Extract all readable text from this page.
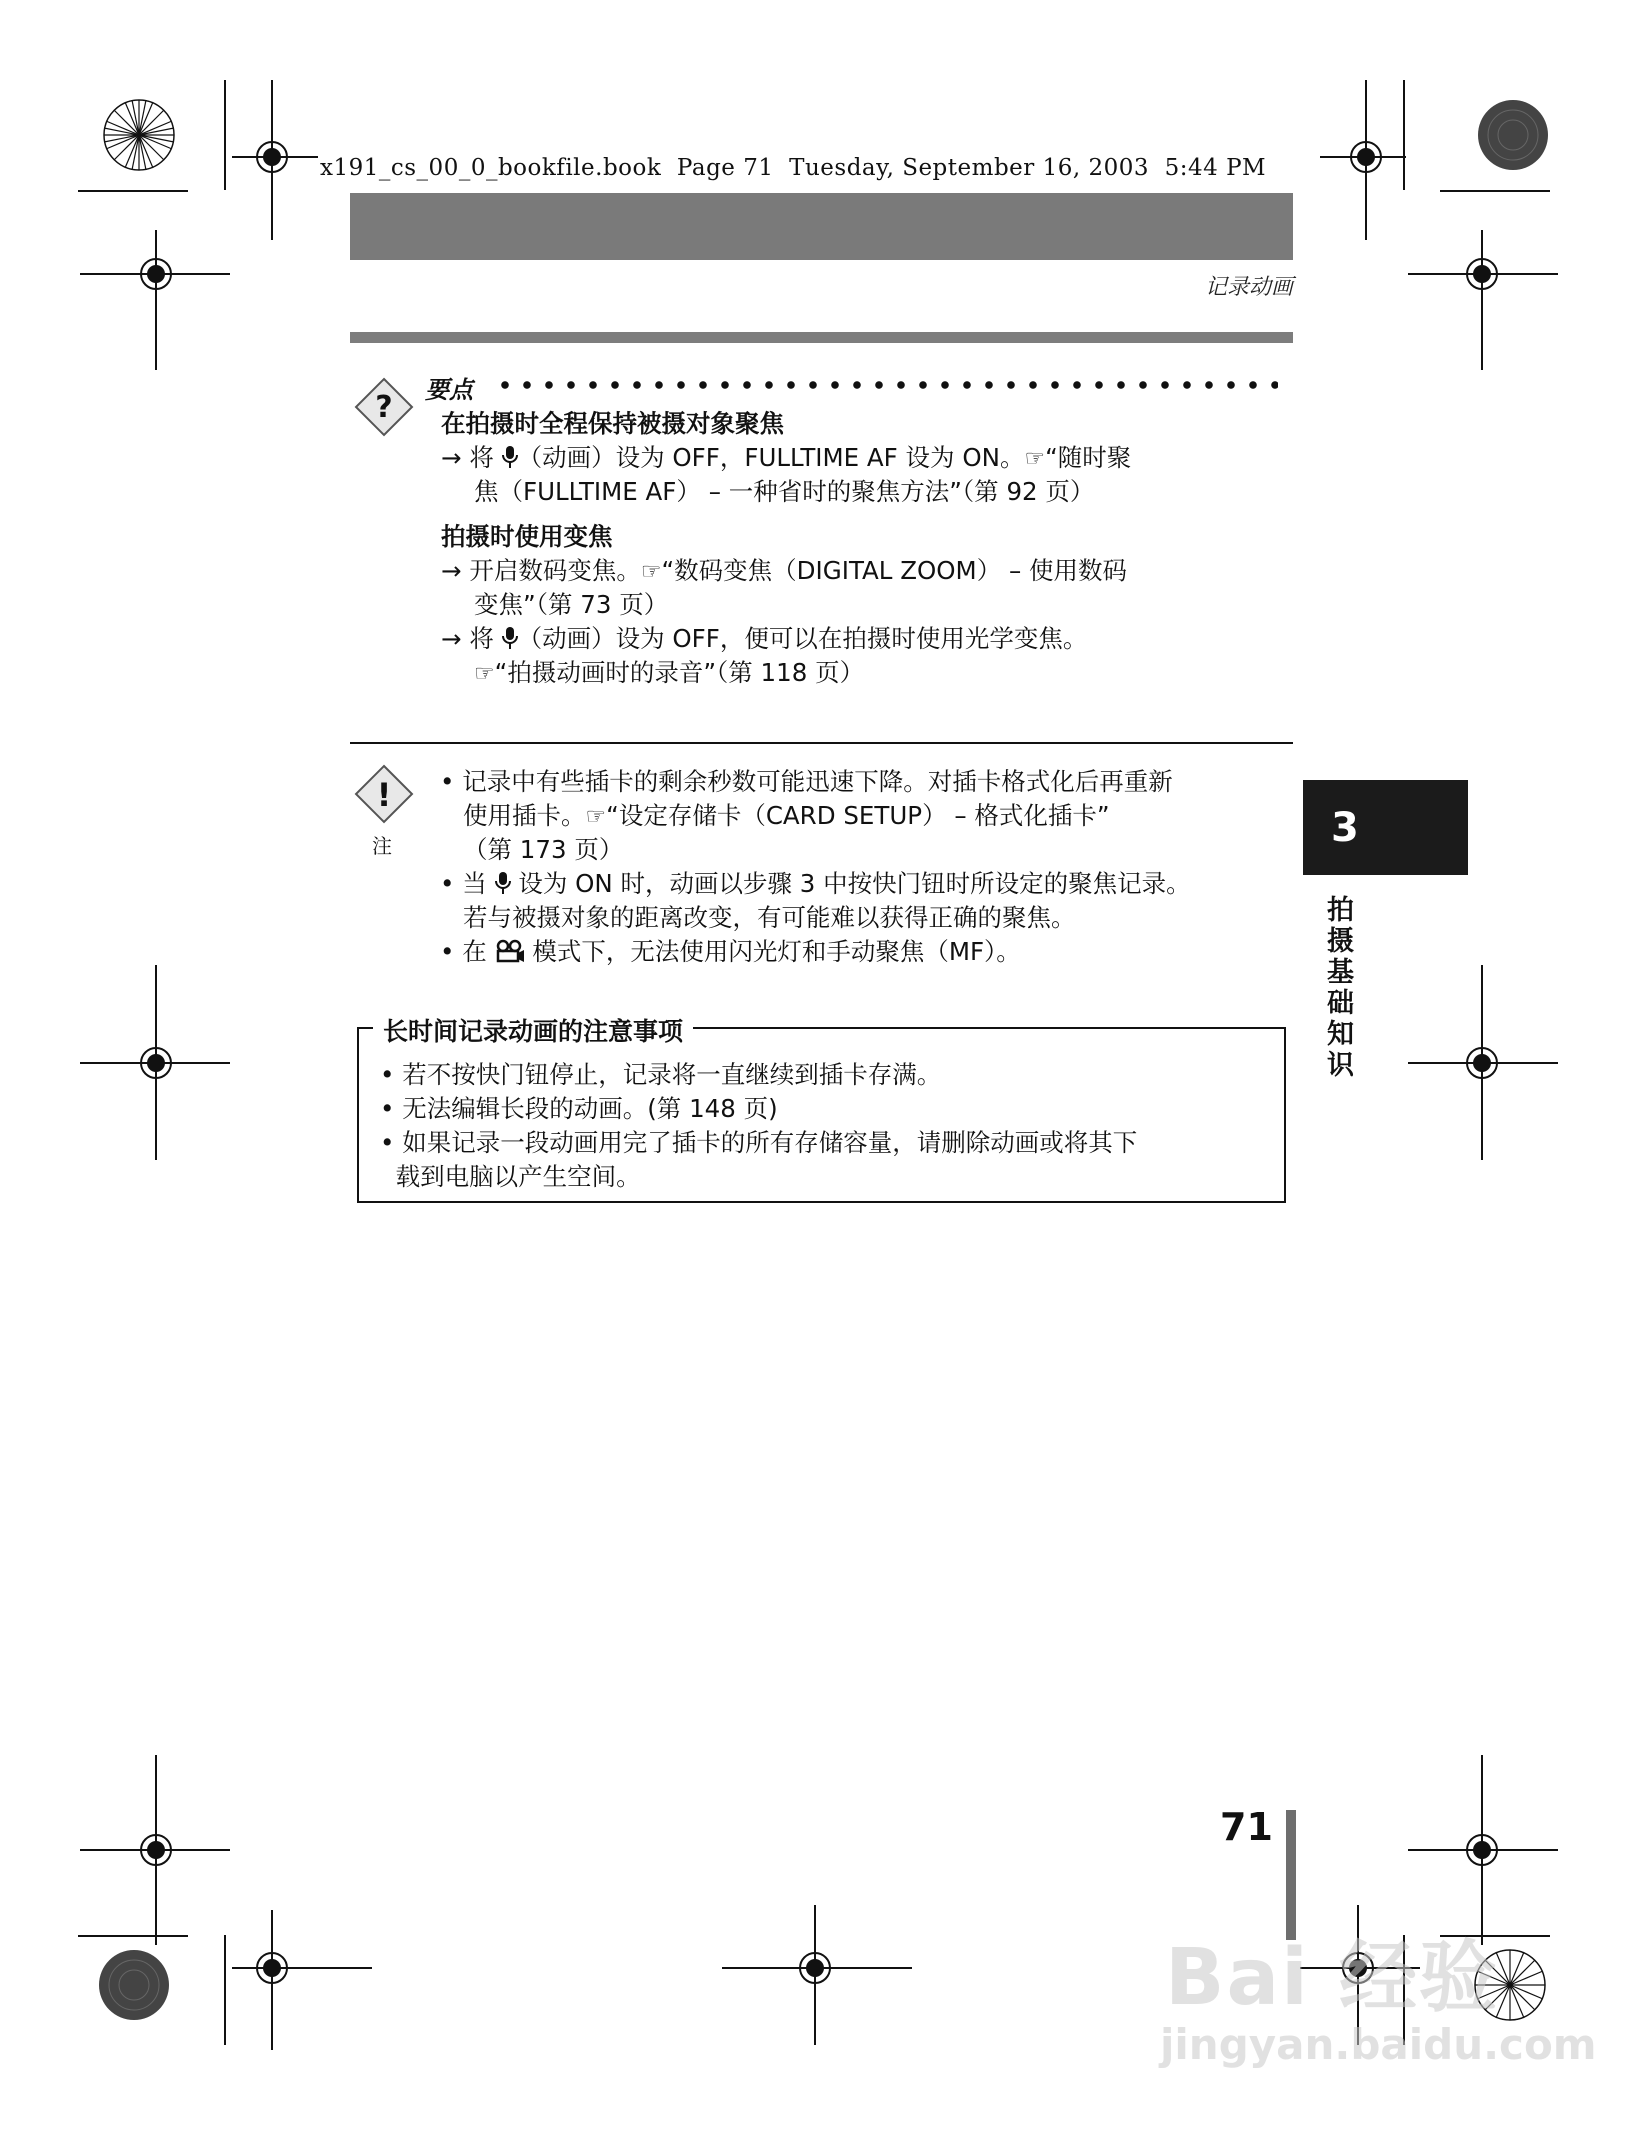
x191_cs_00_0_bookfile.book  Page 71  Tuesday, September 16, 2003  5:44 PM
记录动画
? 要点
在拍摄时全程保持被摄对象聚焦
→ 将 （动画）设为 OFF，FULLTIME AF 设为 ON。☞“随时聚
焦（FULLTIME AF） – 一种省时的聚焦方法”（第 92 页）
拍摄时使用变焦
→ 开启数码变焦。☞“数码变焦（DIGITAL ZOOM） – 使用数码
变焦”（第 73 页）
→ 将 （动画）设为 OFF，便可以在拍摄时使用光学变焦。
☞“拍摄动画时的录音”（第 118 页）
!
注
• 记录中有些插卡的剩余秒数可能迅速下降。对插卡格式化后再重新
使用插卡。☞“设定存储卡（CARD SETUP） – 格式化插卡”
（第 173 页）
• 当  设为 ON 时，动画以步骤 3 中按快门钮时所设定的聚焦记录。
若与被摄对象的距离改变，有可能难以获得正确的聚焦。
• 在  模式下，无法使用闪光灯和手动聚焦（MF）。
3
拍摄基础知识
长时间记录动画的注意事项
• 若不按快门钮停止，记录将一直继续到插卡存满。
• 无法编辑长段的动画。(第 148 页)
• 如果记录一段动画用完了插卡的所有存储容量，请删除动画或将其下
载到电脑以产生空间。
71
Bai 经验
jingyan.baidu.com
